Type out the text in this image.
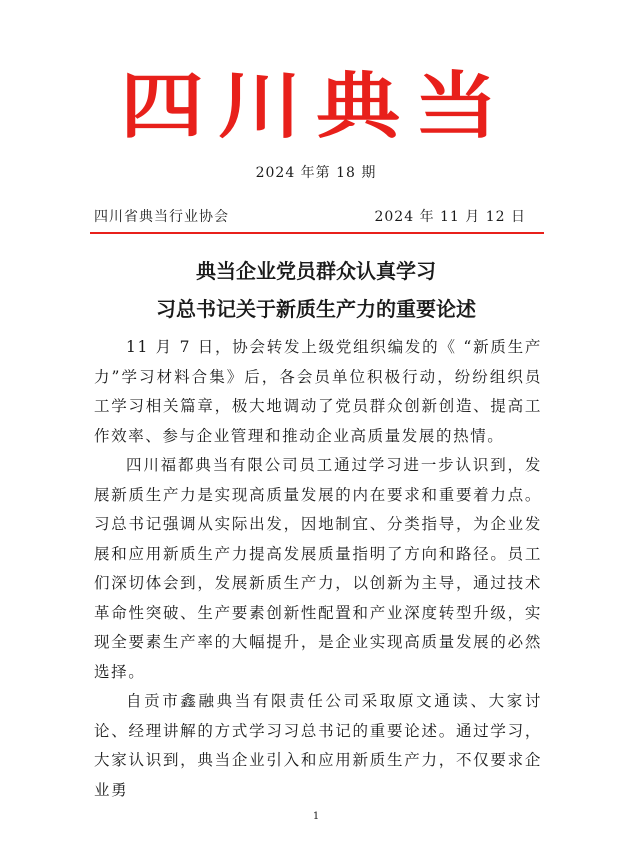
四川典当
2024 年第 18 期
四川省典当行业协会	2024 年 11 月 12 日
典当企业党员群众认真学习
习总书记关于新质生产力的重要论述

11 月 7 日，协会转发上级党组织编发的《 “新质生产力”学习材料合集》后，各会员单位积极行动，纷纷组织员工学习相关篇章，极大地调动了党员群众创新创造、提高工作效率、参与企业管理和推动企业高质量发展的热情。

四川福都典当有限公司员工通过学习进一步认识到，发展新质生产力是实现高质量发展的内在要求和重要着力点。习总书记强调从实际出发，因地制宜、分类指导，为企业发展和应用新质生产力提高发展质量指明了方向和路径。员工们深切体会到，发展新质生产力，以创新为主导，通过技术革命性突破、生产要素创新性配置和产业深度转型升级，实现全要素生产率的大幅提升，是企业实现高质量发展的必然选择。

自贡市鑫融典当有限责任公司采取原文通读、大家讨论、经理讲解的方式学习习总书记的重要论述。通过学习，大家认识到，典当企业引入和应用新质生产力，不仅要求企业勇

1
